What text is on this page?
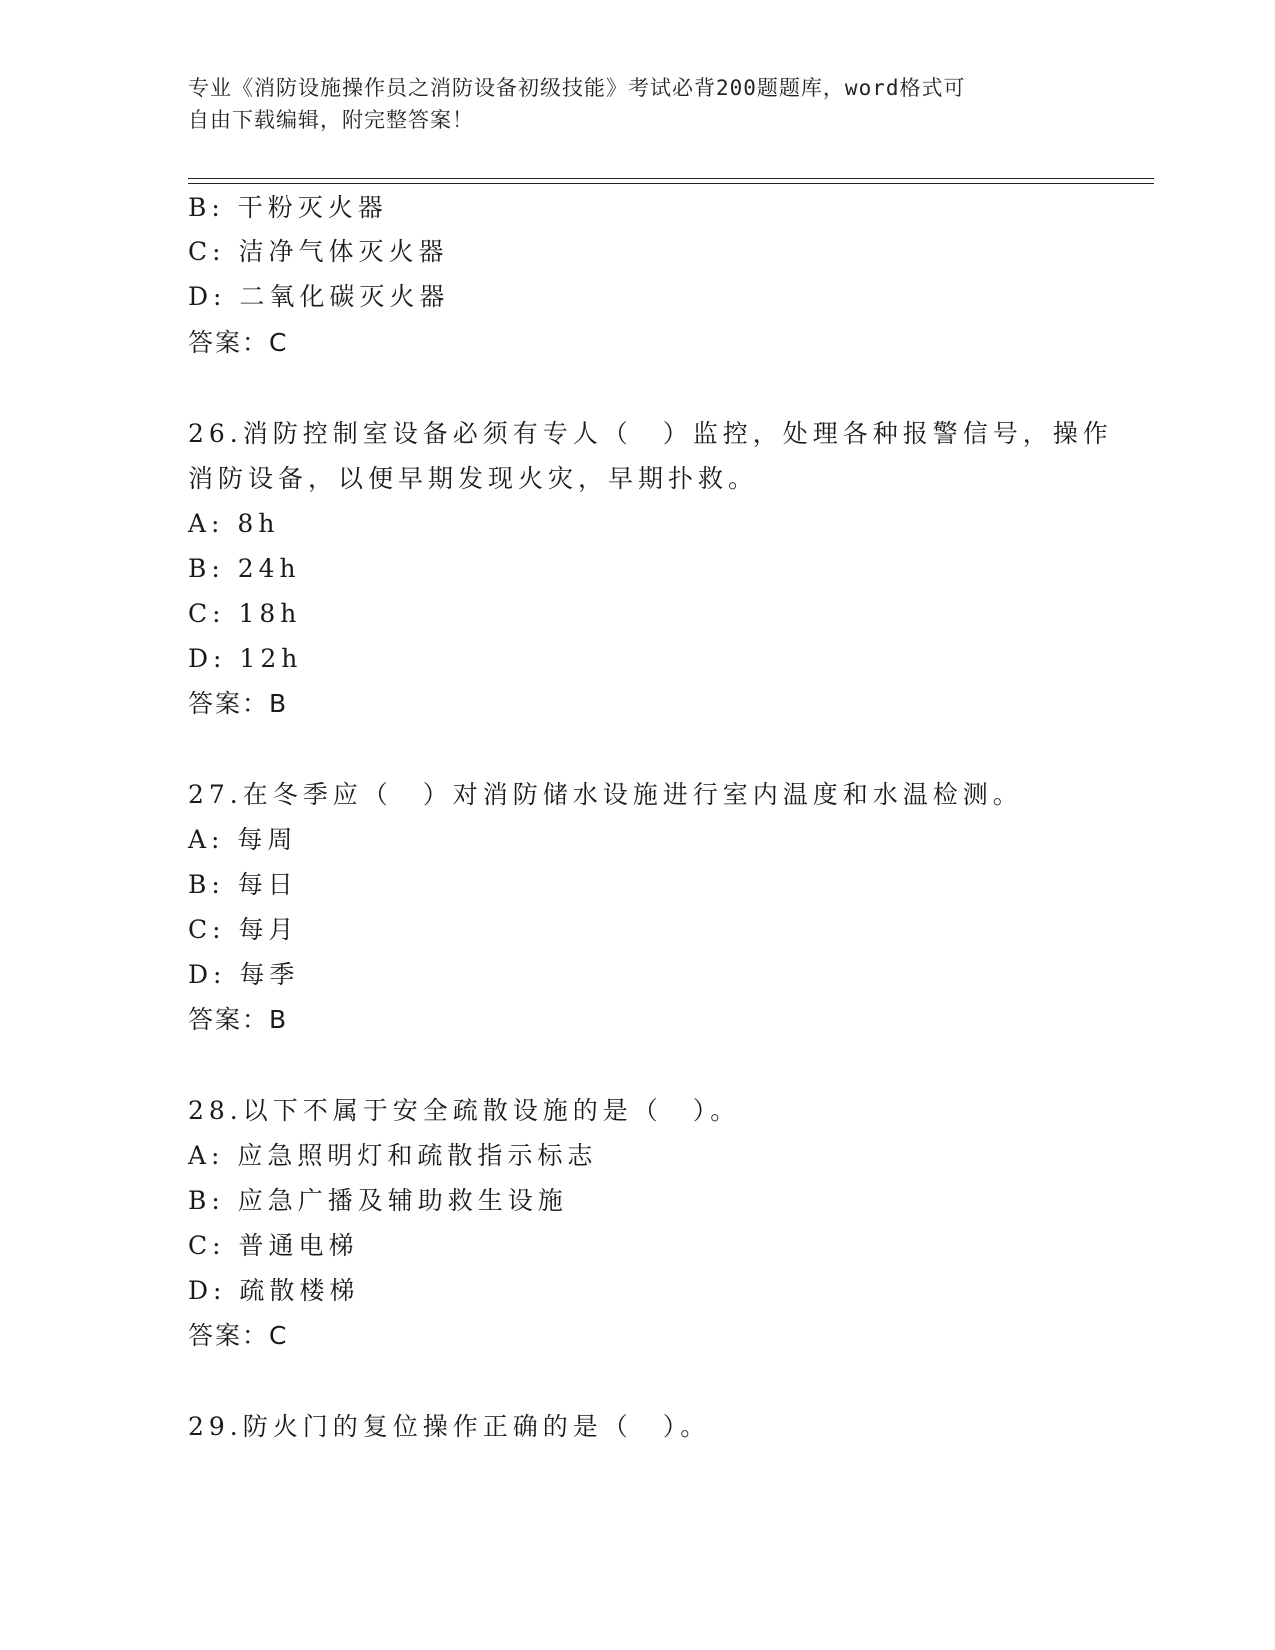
专业《消防设施操作员之消防设备初级技能》考试必背200题题库，word格式可
自由下载编辑，附完整答案！
B: 干粉灭火器
C: 洁净气体灭火器
D: 二氧化碳灭火器
答案：C
26.消防控制室设备必须有专人（　）监控，处理各种报警信号，操作
消防设备，以便早期发现火灾，早期扑救。
A: 8h
B: 24h
C: 18h
D: 12h
答案：B
27.在冬季应（　）对消防储水设施进行室内温度和水温检测。
A: 每周
B: 每日
C: 每月
D: 每季
答案：B
28.以下不属于安全疏散设施的是（　）。
A: 应急照明灯和疏散指示标志
B: 应急广播及辅助救生设施
C: 普通电梯
D: 疏散楼梯
答案：C
29.防火门的复位操作正确的是（　）。
